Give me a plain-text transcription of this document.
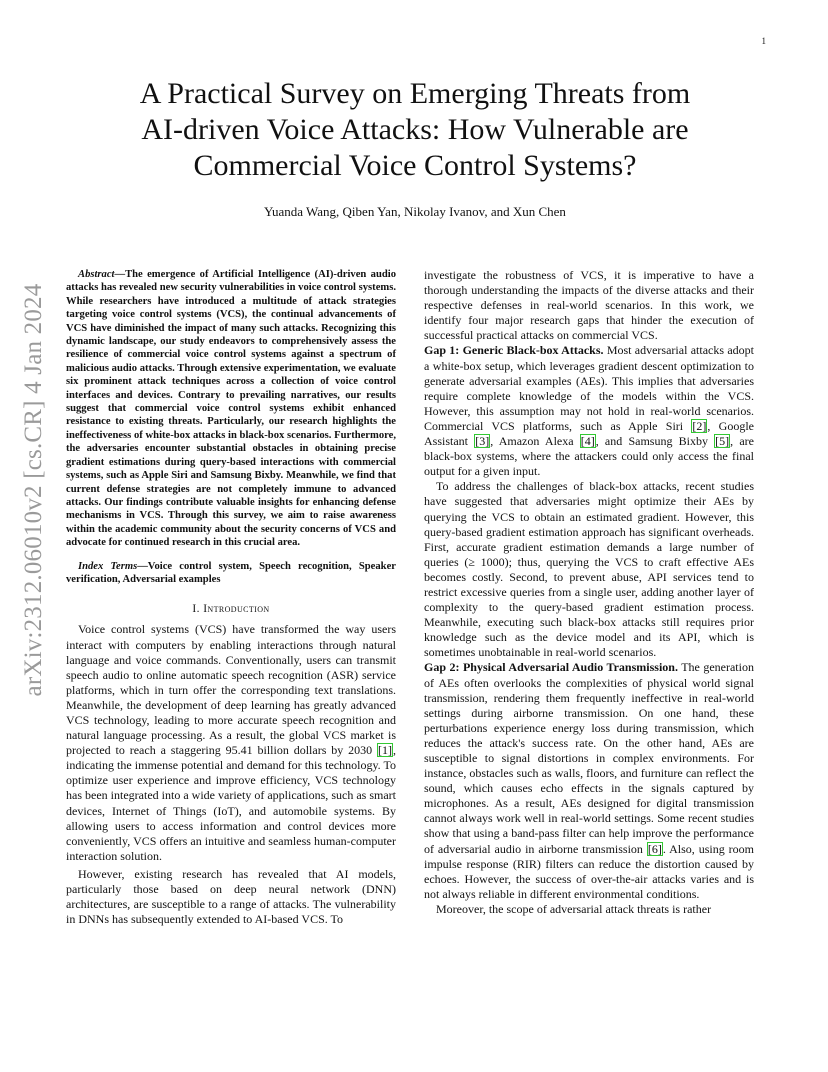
1
arXiv:2312.06010v2 [cs.CR] 4 Jan 2024
A Practical Survey on Emerging Threats from
AI-driven Voice Attacks: How Vulnerable are
Commercial Voice Control Systems?
Yuanda Wang, Qiben Yan, Nikolay Ivanov, and Xun Chen

Abstract—The emergence of Artificial Intelligence (AI)-driven audio attacks has revealed new security vulnerabilities in voice control systems. While researchers have introduced a multitude of attack strategies targeting voice control systems (VCS), the continual advancements of VCS have diminished the impact of many such attacks. Recognizing this dynamic landscape, our study endeavors to comprehensively assess the resilience of commercial voice control systems against a spectrum of malicious audio attacks. Through extensive experimentation, we evaluate six prominent attack techniques across a collection of voice control interfaces and devices. Contrary to prevailing narratives, our results suggest that commercial voice control systems exhibit enhanced resistance to existing threats. Particularly, our research highlights the ineffectiveness of white-box attacks in black-box scenarios. Furthermore, the adversaries encounter substantial obstacles in obtaining precise gradient estimations during query-based interactions with commercial systems, such as Apple Siri and Samsung Bixby. Meanwhile, we find that current defense strategies are not completely immune to advanced attacks. Our findings contribute valuable insights for enhancing defense mechanisms in VCS. Through this survey, we aim to raise awareness within the academic community about the security concerns of VCS and advocate for continued research in this crucial area.

Index Terms—Voice control system, Speech recognition, Speaker verification, Adversarial examples

I. Introduction

Voice control systems (VCS) have transformed the way users interact with computers by enabling interactions through natural language and voice commands. Conventionally, users can transmit speech audio to online automatic speech recognition (ASR) service platforms, which in turn offer the corresponding text translations. Meanwhile, the development of deep learning has greatly advanced VCS technology, leading to more accurate speech recognition and natural language processing. As a result, the global VCS market is projected to reach a staggering 95.41 billion dollars by 2030 [1], indicating the immense potential and demand for this technology. To optimize user experience and improve efficiency, VCS technology has been integrated into a wide variety of applications, such as smart devices, Internet of Things (IoT), and automobile systems. By allowing users to access information and control devices more conveniently, VCS offers an intuitive and seamless human-computer interaction solution.

However, existing research has revealed that AI models, particularly those based on deep neural network (DNN) architectures, are susceptible to a range of attacks. The vulnerability in DNNs has subsequently extended to AI-based VCS. To

investigate the robustness of VCS, it is imperative to have a thorough understanding the impacts of the diverse attacks and their respective defenses in real-world scenarios. In this work, we identify four major research gaps that hinder the execution of successful practical attacks on commercial VCS.

Gap 1: Generic Black-box Attacks. Most adversarial attacks adopt a white-box setup, which leverages gradient descent optimization to generate adversarial examples (AEs). This implies that adversaries require complete knowledge of the models within the VCS. However, this assumption may not hold in real-world scenarios. Commercial VCS platforms, such as Apple Siri [2], Google Assistant [3], Amazon Alexa [4], and Samsung Bixby [5], are black-box systems, where the attackers could only access the final output for a given input.

To address the challenges of black-box attacks, recent studies have suggested that adversaries might optimize their AEs by querying the VCS to obtain an estimated gradient. However, this query-based gradient estimation approach has significant overheads. First, accurate gradient estimation demands a large number of queries (≥ 1000); thus, querying the VCS to craft effective AEs becomes costly. Second, to prevent abuse, API services tend to restrict excessive queries from a single user, adding another layer of complexity to the query-based gradient estimation process. Meanwhile, executing such black-box attacks still requires prior knowledge such as the device model and its API, which is sometimes unobtainable in real-world scenarios.

Gap 2: Physical Adversarial Audio Transmission. The generation of AEs often overlooks the complexities of physical world signal transmission, rendering them frequently ineffective in real-world settings during airborne transmission. On one hand, these perturbations experience energy loss during transmission, which reduces the attack's success rate. On the other hand, AEs are susceptible to signal distortions in complex environments. For instance, obstacles such as walls, floors, and furniture can reflect the sound, which causes echo effects in the signals captured by microphones. As a result, AEs designed for digital transmission cannot always work well in real-world settings. Some recent studies show that using a band-pass filter can help improve the performance of adversarial audio in airborne transmission [6]. Also, using room impulse response (RIR) filters can reduce the distortion caused by echoes. However, the success of over-the-air attacks varies and is not always reliable in different environmental conditions.

Moreover, the scope of adversarial attack threats is rather
